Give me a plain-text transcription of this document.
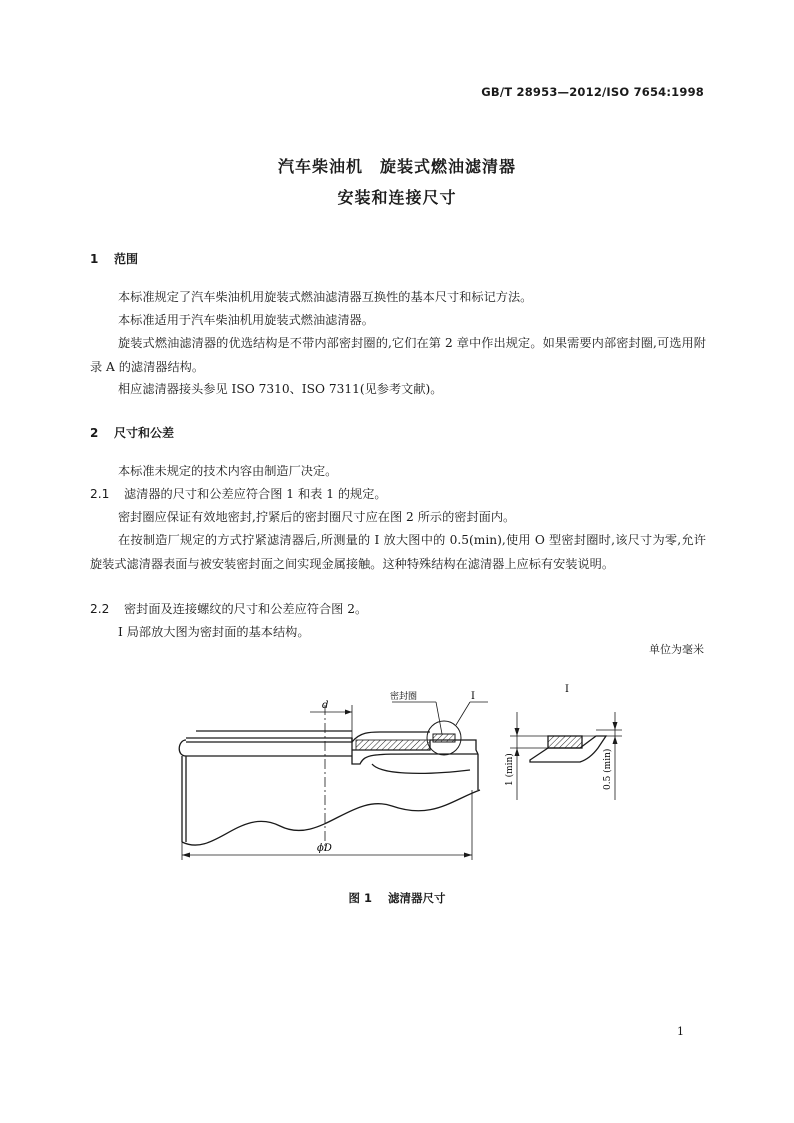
GB/T 28953—2012/ISO 7654:1998
汽车柴油机　旋装式燃油滤清器
安装和连接尺寸
1 范围
本标准规定了汽车柴油机用旋装式燃油滤清器互换性的基本尺寸和标记方法。
本标准适用于汽车柴油机用旋装式燃油滤清器。
旋装式燃油滤清器的优选结构是不带内部密封圈的,它们在第 2 章中作出规定。如果需要内部密封圈,可选用附录 A 的滤清器结构。
相应滤清器接头参见 ISO 7310、ISO 7311(见参考文献)。
2 尺寸和公差
本标准未规定的技术内容由制造厂决定。
2.1 滤清器的尺寸和公差应符合图 1 和表 1 的规定。
密封圈应保证有效地密封,拧紧后的密封圈尺寸应在图 2 所示的密封面内。
在按制造厂规定的方式拧紧滤清器后,所测量的 I 放大图中的 0.5(min),使用 O 型密封圈时,该尺寸为零,允许旋装式滤清器表面与被安装密封面之间实现金属接触。这种特殊结构在滤清器上应标有安装说明。
2.2 密封面及连接螺纹的尺寸和公差应符合图 2。
I 局部放大图为密封面的基本结构。
单位为毫米
d
ϕD
密封圈	I
I
1 (min)	0.5 (min)
图 1 滤清器尺寸
1
